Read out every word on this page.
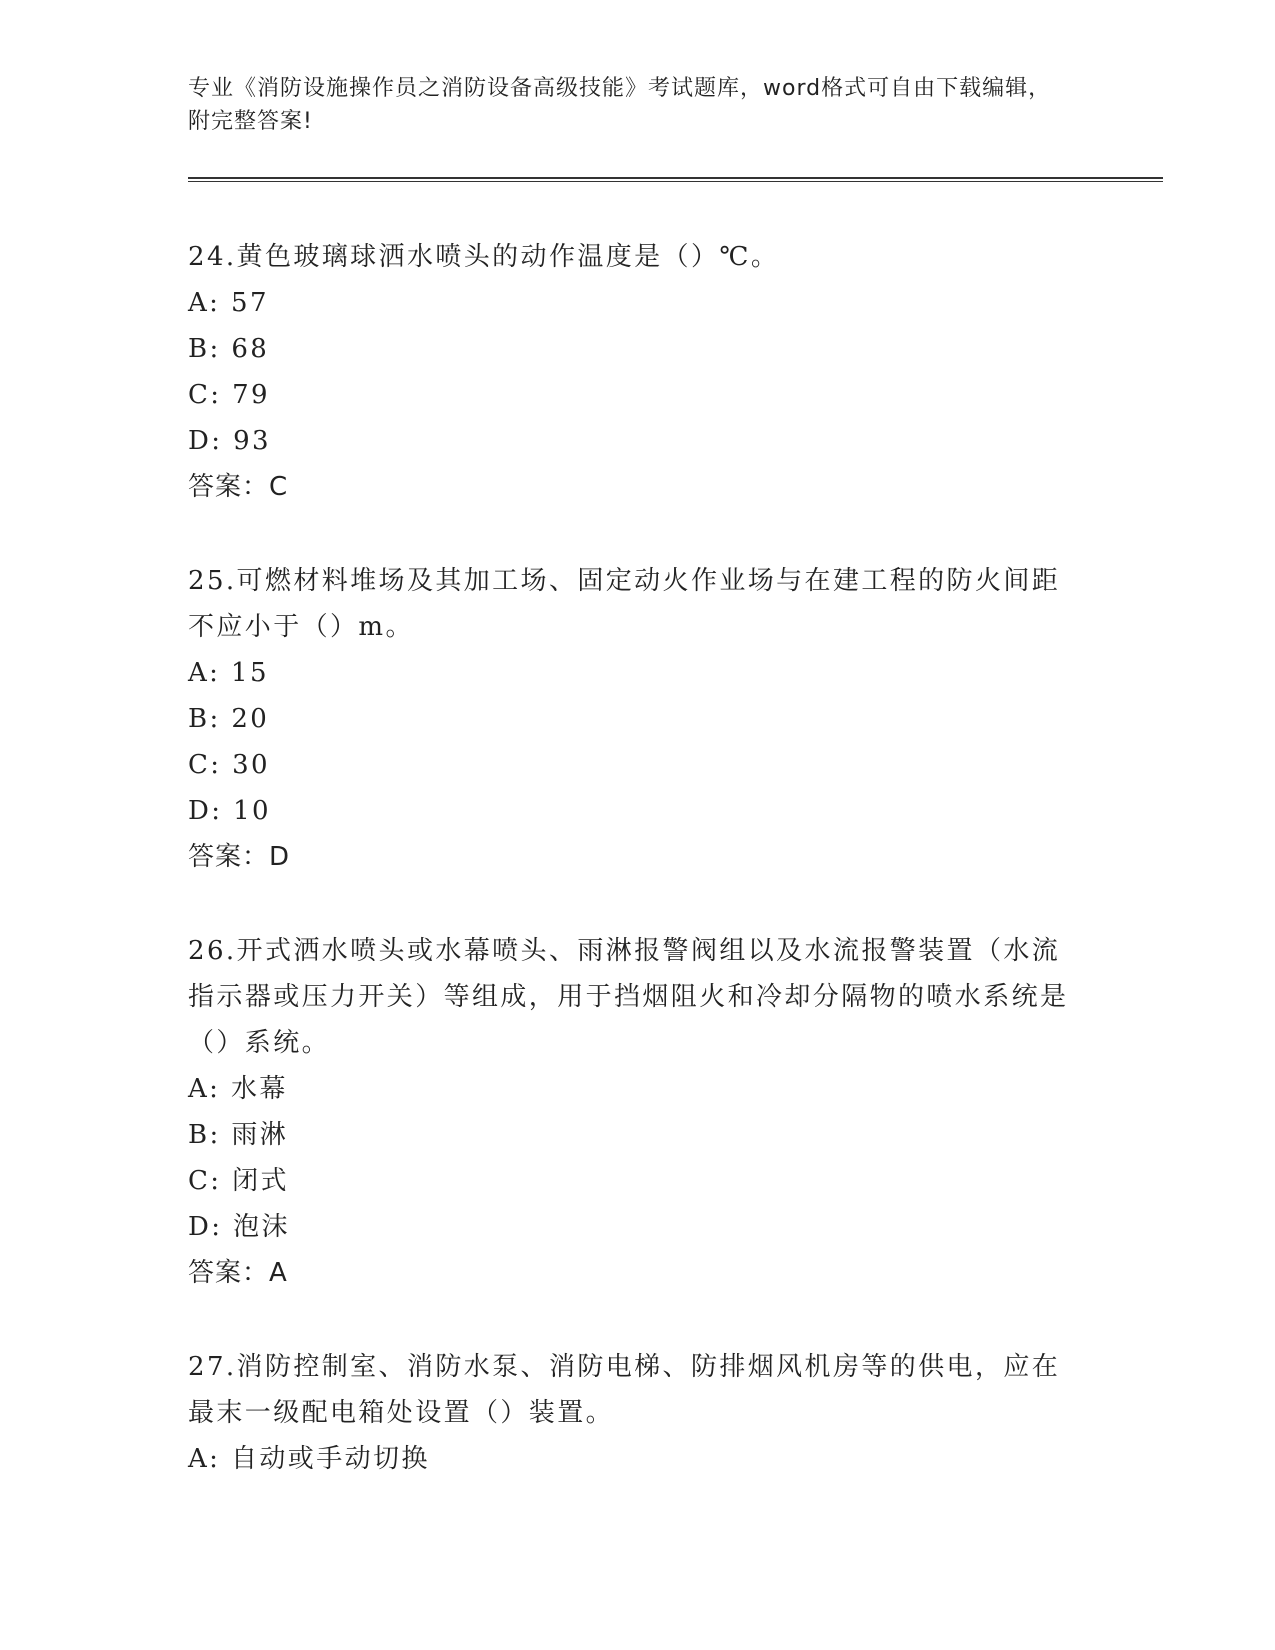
专业《消防设施操作员之消防设备高级技能》考试题库，word格式可自由下载编辑，附完整答案!
24.黄色玻璃球洒水喷头的动作温度是（）℃。
A: 57
B: 68
C: 79
D: 93
答案：C
25.可燃材料堆场及其加工场、固定动火作业场与在建工程的防火间距不应小于（）m。
A: 15
B: 20
C: 30
D: 10
答案：D
26.开式洒水喷头或水幕喷头、雨淋报警阀组以及水流报警装置（水流指示器或压力开关）等组成，用于挡烟阻火和冷却分隔物的喷水系统是（）系统。
A: 水幕
B: 雨淋
C: 闭式
D: 泡沫
答案：A
27.消防控制室、消防水泵、消防电梯、防排烟风机房等的供电，应在最末一级配电箱处设置（）装置。
A: 自动或手动切换
